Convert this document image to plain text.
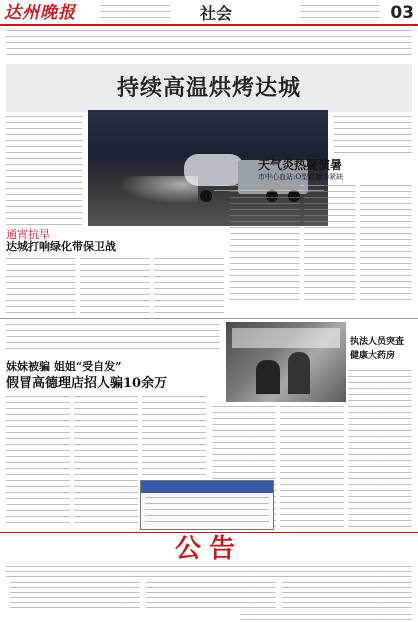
达州晚报	社会	03
持续高温烘烤达城
天气炎热疑演暑
市中心血站:O型血量为紧缺
通宵抗旱
达城打响绿化带保卫战
执法人员突查
健康大药房
妹妹被骗 姐姐“受自发”
假冒高德理店招人骗10余万
公告
